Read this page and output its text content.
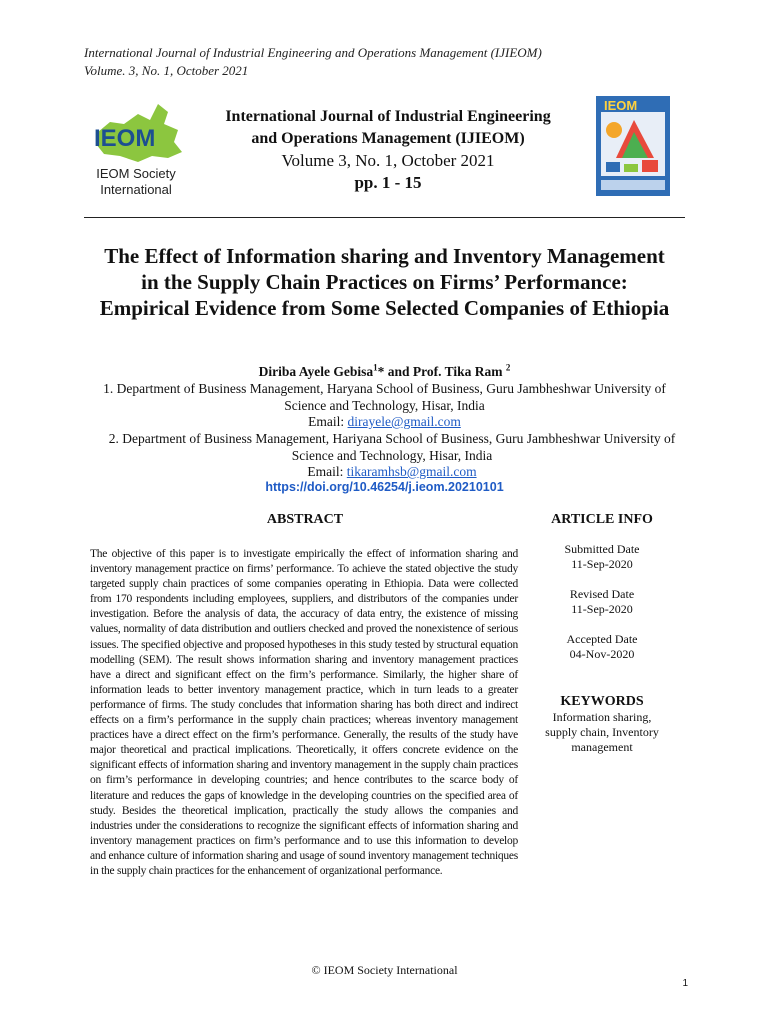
International Journal of Industrial Engineering and Operations Management (IJIEOM)
Volume. 3, No. 1, October 2021
IEOM
IEOM Society
International
International Journal of Industrial Engineering
and Operations Management (IJIEOM)
Volume 3, No. 1, October 2021
pp. 1 - 15
IEOM
The Effect of Information sharing and Inventory Management in the Supply Chain Practices on Firms’ Performance: Empirical Evidence from Some Selected Companies of Ethiopia
Diriba Ayele Gebisa$^1$* and Prof. Tika Ram $^2$
1. Department of Business Management, Haryana School of Business, Guru Jambheshwar University of Science and Technology, Hisar, India
Email: dirayele@gmail.com
2. Department of Business Management, Hariyana School of Business, Guru Jambheshwar University of Science and Technology, Hisar, India
Email: tikaramhsb@gmail.com
https://doi.org/10.46254/j.ieom.20210101
ABSTRACT

The objective of this paper is to investigate empirically the effect of information sharing and inventory management practice on firms’ performance. To achieve the stated objective the study targeted supply chain practices of some companies operating in Ethiopia. Data were collected from 170 respondents including employees, suppliers, and distributors of the companies under investigation. Before the analysis of data, the accuracy of data entry, the existence of missing values, normality of data distribution and outliers checked and proved the nonexistence of serious issues. The specified objective and proposed hypotheses in this study tested by structural equation modelling (SEM). The result shows information sharing and inventory management practices have a direct and significant effect on the firm’s performance. Similarly, the higher share of information leads to better inventory management practice, which in turn leads to a greater performance of firms. The study concludes that information sharing has both direct and indirect effects on a firm’s performance in the supply chain practices; whereas inventory management practices have a direct effect on the firm’s performance. Generally, the results of the study have major theoretical and practical implications. Theoretically, it offers concrete evidence on the significant effects of information sharing and inventory management in the supply chain practices on firm’s performance in developing countries; and hence contributes to the scarce body of literature and reduces the gaps of knowledge in the developing countries on the specified area of study. Besides the theoretical implication, practically the study allows the companies and industries under the considerations to recognize the significant effects of information sharing and inventory management practices on firm’s performance and to use this information to develop and enhance culture of information sharing and usage of sound inventory management techniques in the supply chain practices for the enhancement of organizational performance.

ARTICLE INFO
Submitted Date
11-Sep-2020
Revised Date
11-Sep-2020
Accepted Date
04-Nov-2020
KEYWORDS

Information sharing, supply chain, Inventory management

© IEOM Society International
1
